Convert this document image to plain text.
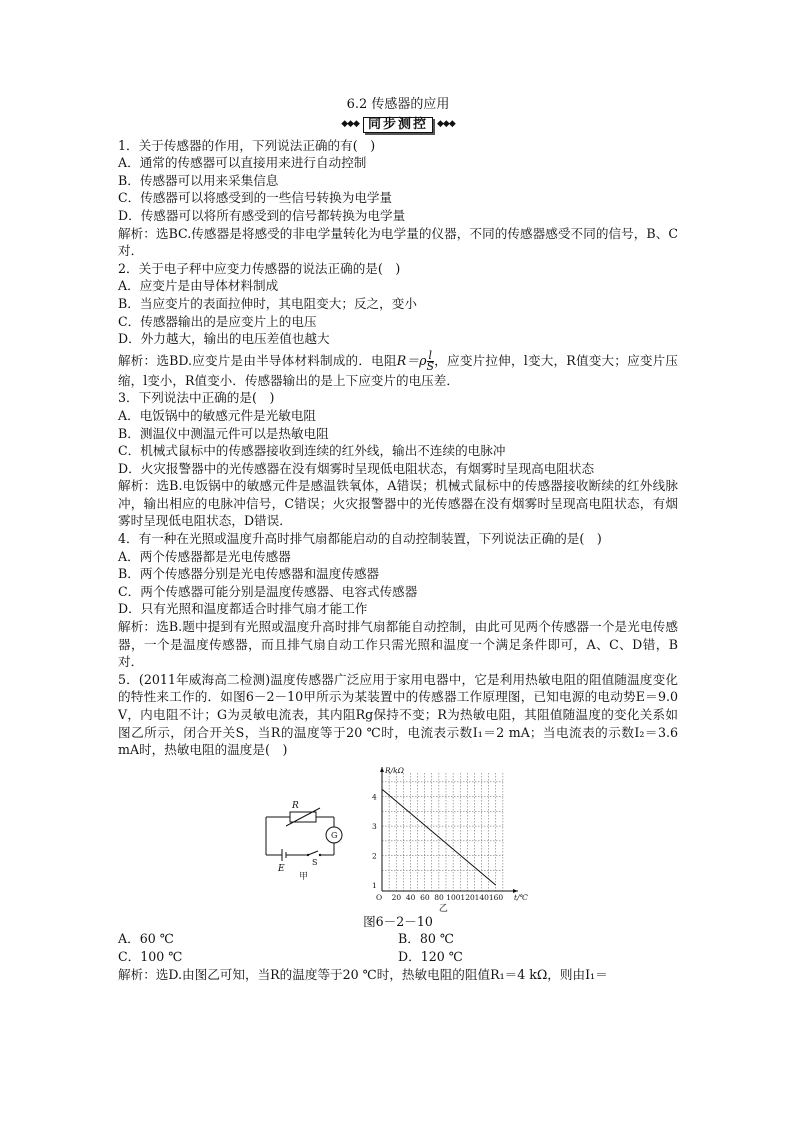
6.2 传感器的应用
◆◆◆ 同步测控	◆◆◆

1．关于传感器的作用，下列说法正确的有(　)

A．通常的传感器可以直接用来进行自动控制

B．传感器可以用来采集信息

C．传感器可以将感受到的一些信号转换为电学量

D．传感器可以将所有感受到的信号都转换为电学量

解析：选BC.传感器是将感受的非电学量转化为电学量的仪器，不同的传感器感受不同的信号，B、C对．

2．关于电子秤中应变力传感器的说法正确的是(　)

A．应变片是由导体材料制成

B．当应变片的表面拉伸时，其电阻变大；反之，变小

C．传感器输出的是应变片上的电压

D．外力越大，输出的电压差值也越大

解析：选BD.应变片是由半导体材料制成的．电阻$R=\rho \frac{l}{S}$ ，应变片拉伸，l变大，R值变大；应变片压缩，l变小，R值变小．传感器输出的是上下应变片的电压差．

3．下列说法中正确的是(　)

A．电饭锅中的敏感元件是光敏电阻

B．测温仪中测温元件可以是热敏电阻

C．机械式鼠标中的传感器接收到连续的红外线，输出不连续的电脉冲

D．火灾报警器中的光传感器在没有烟雾时呈现低电阻状态，有烟雾时呈现高电阻状态

解析：选B.电饭锅中的敏感元件是感温铁氧体，A错误；机械式鼠标中的传感器接收断续的红外线脉冲，输出相应的电脉冲信号，C错误；火灾报警器中的光传感器在没有烟雾时呈现高电阻状态，有烟雾时呈现低电阻状态，D错误．

4．有一种在光照或温度升高时排气扇都能启动的自动控制装置，下列说法正确的是(　)

A．两个传感器都是光电传感器

B．两个传感器分别是光电传感器和温度传感器

C．两个传感器可能分别是温度传感器、电容式传感器

D．只有光照和温度都适合时排气扇才能工作

解析：选B.题中提到有光照或温度升高时排气扇都能自动控制，由此可见两个传感器一个是光电传感器，一个是温度传感器，而且排气扇自动工作只需光照和温度一个满足条件即可，A、C、D错，B对．

5．(2011年威海高二检测)温度传感器广泛应用于家用电器中，它是利用热敏电阻的阻值随温度变化的特性来工作的．如图6－2－10甲所示为某装置中的传感器工作原理图，已知电源的电动势E＝9.0 V，内电阻不计；G为灵敏电流表，其内阻Rg保持不变；R为热敏电阻，其阻值随温度的变化关系如图乙所示，闭合开关S，当R的温度等于20 ℃时，电流表示数I₁＝2 mA；当电流表的示数I₂＝3.6 mA时，热敏电阻的温度是(　)

R
G
E
S
甲
O 20 40 60 80 100 120 140 160
1
2
3
4
R/kΩ
t/℃
乙
图6－2－10
A．60 ℃	B．80 ℃
C．100 ℃	D．120 ℃

解析：选D.由图乙可知，当R的温度等于20 ℃时，热敏电阻的阻值R₁＝4 kΩ，则由I₁＝
